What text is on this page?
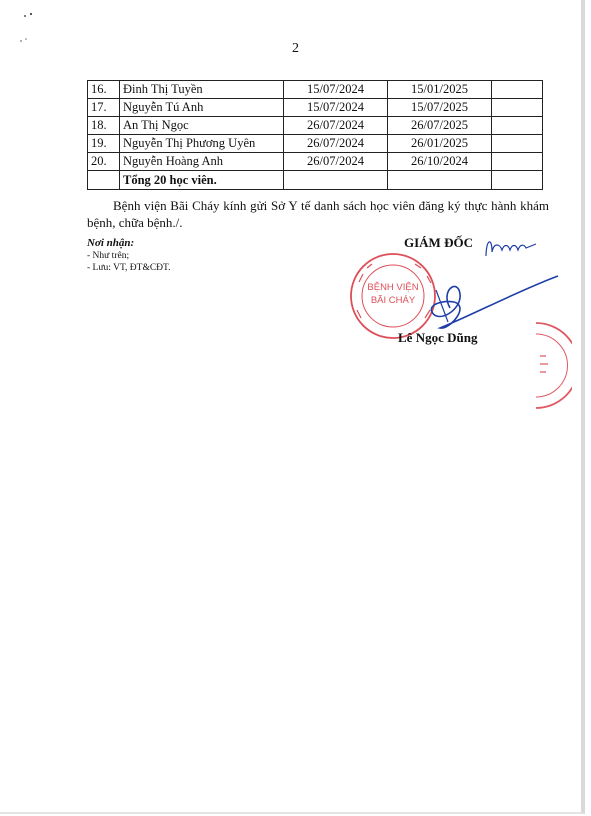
2
16.	Đinh Thị Tuyền	15/07/2024	15/01/2025	
17.	Nguyễn Tú Anh	15/07/2024	15/07/2025	
18.	An Thị Ngọc	26/07/2024	26/07/2025	
19.	Nguyễn Thị Phương Uyên	26/07/2024	26/01/2025	
20.	Nguyễn Hoàng Anh	26/07/2024	26/10/2024	
	Tổng 20 học viên.			
Bệnh viện Bãi Cháy kính gửi Sở Y tế danh sách học viên đăng ký thực hành khám bệnh, chữa bệnh./.
Nơi nhận:
- Như trên;
- Lưu: VT, ĐT&CĐT.
GIÁM ĐỐC
BỆNH VIỆN
BÃI CHÁY
Lê Ngọc Dũng
